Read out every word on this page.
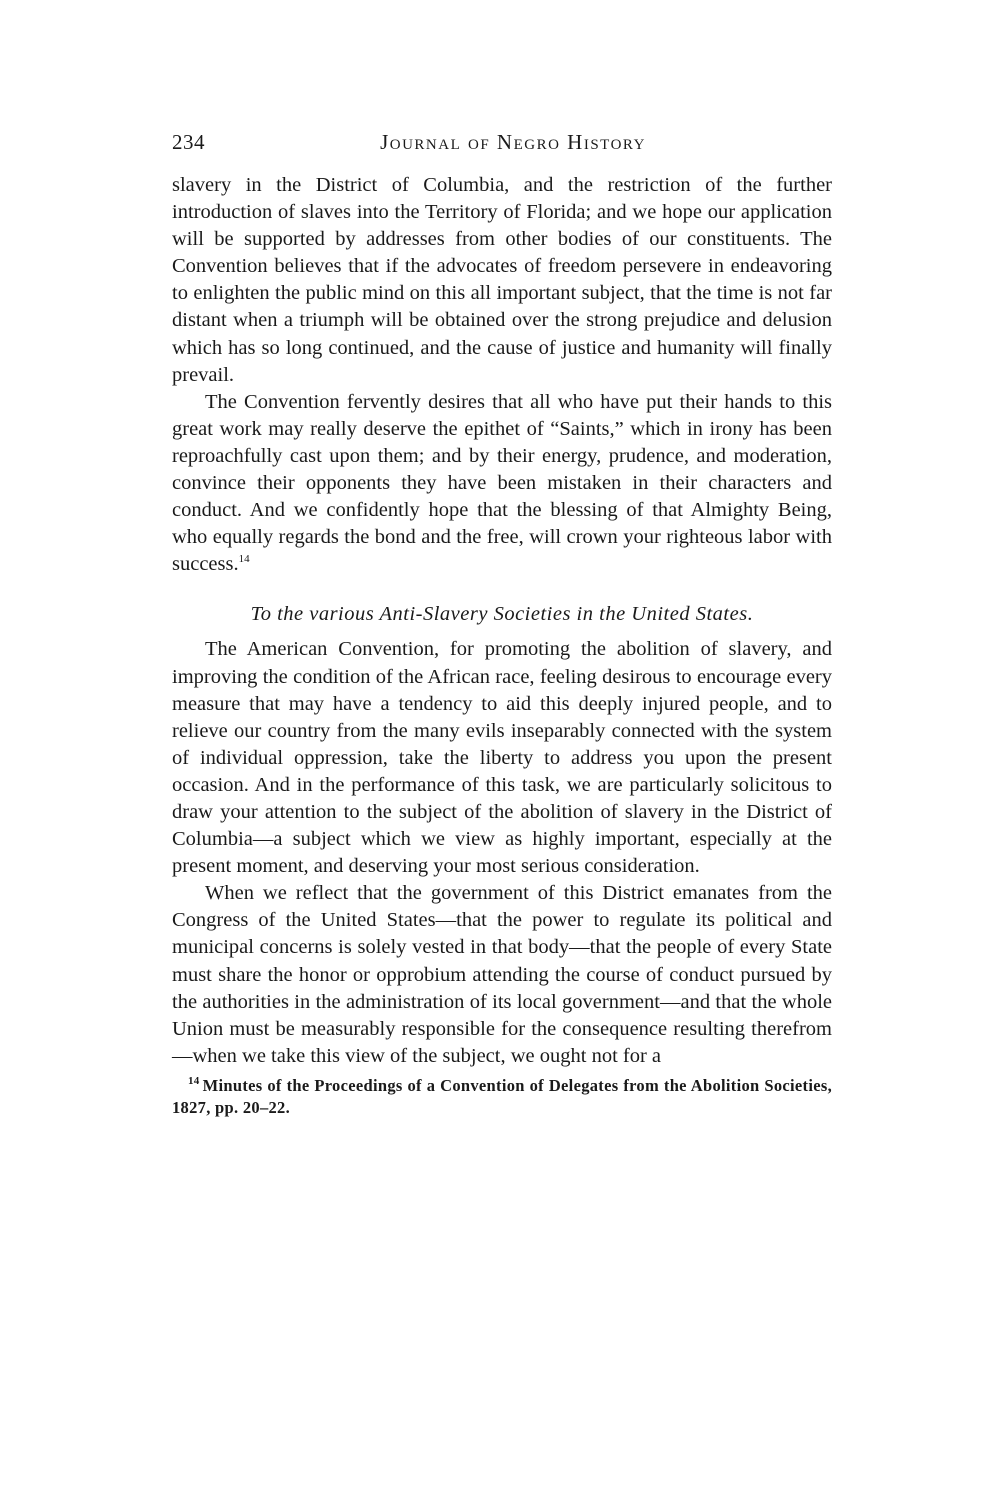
234	Journal of Negro History

slavery in the District of Columbia, and the restriction of the further introduction of slaves into the Territory of Florida; and we hope our application will be supported by addresses from other bodies of our constituents. The Convention believes that if the advocates of freedom persevere in endeavoring to enlighten the public mind on this all important subject, that the time is not far distant when a triumph will be obtained over the strong prejudice and delusion which has so long continued, and the cause of justice and humanity will finally prevail.

The Convention fervently desires that all who have put their hands to this great work may really deserve the epithet of “Saints,” which in irony has been reproachfully cast upon them; and by their energy, prudence, and moderation, convince their opponents they have been mistaken in their characters and conduct. And we confidently hope that the blessing of that Almighty Being, who equally regards the bond and the free, will crown your righteous labor with success.$^{14}$

To the various Anti-Slavery Societies in the United States.

The American Convention, for promoting the abolition of slavery, and improving the condition of the African race, feeling desirous to encourage every measure that may have a tendency to aid this deeply injured people, and to relieve our country from the many evils inseparably connected with the system of individual oppression, take the liberty to address you upon the present occasion. And in the performance of this task, we are particularly solicitous to draw your attention to the subject of the abolition of slavery in the District of Columbia—a subject which we view as highly important, especially at the present moment, and deserving your most serious consideration.

When we reflect that the government of this District emanates from the Congress of the United States—that the power to regulate its political and municipal concerns is solely vested in that body—that the people of every State must share the honor or opprobium attending the course of conduct pursued by the authorities in the administration of its local government—and that the whole Union must be measurably responsible for the consequence resulting therefrom—when we take this view of the subject, we ought not for a

$^{14}$ Minutes of the Proceedings of a Convention of Delegates from the Abolition Societies, 1827, pp. 20–22.
